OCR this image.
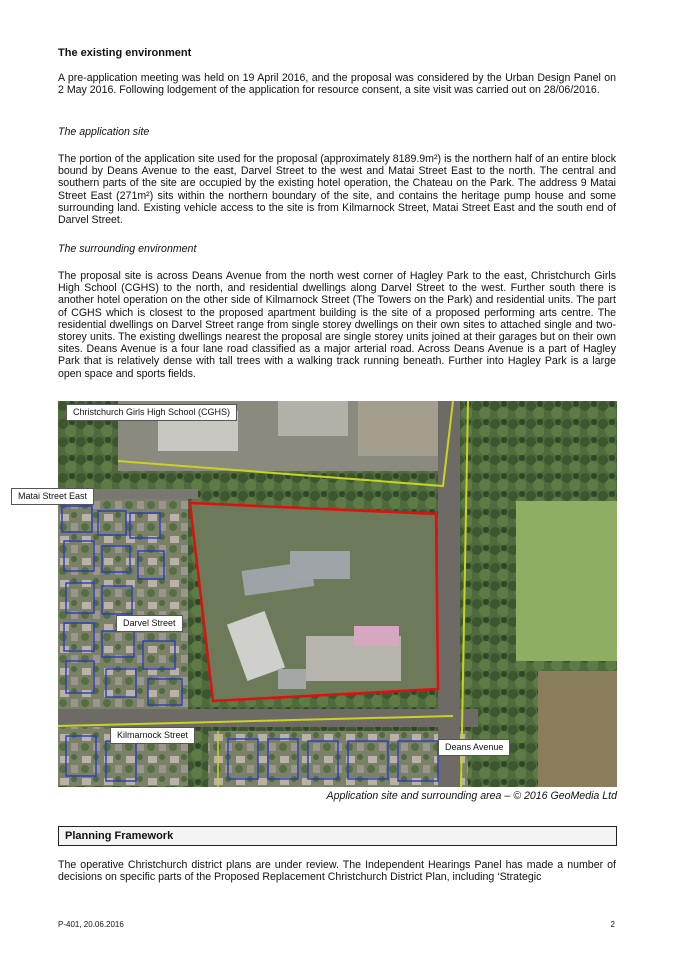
The existing environment

A pre-application meeting was held on 19 April 2016, and the proposal was considered by the Urban Design Panel on 2 May 2016. Following lodgement of the application for resource consent, a site visit was carried out on 28/06/2016.

The application site

The portion of the application site used for the proposal (approximately 8189.9m²) is the northern half of an entire block bound by Deans Avenue to the east, Darvel Street to the west and Matai Street East to the north. The central and southern parts of the site are occupied by the existing hotel operation, the Chateau on the Park. The address 9 Matai Street East (271m²) sits within the northern boundary of the site, and contains the heritage pump house and some surrounding land. Existing vehicle access to the site is from Kilmarnock Street, Matai Street East and the south end of Darvel Street.

The surrounding environment

The proposal site is across Deans Avenue from the north west corner of Hagley Park to the east, Christchurch Girls High School (CGHS) to the north, and residential dwellings along Darvel Street to the west. Further south there is another hotel operation on the other side of Kilmarnock Street (The Towers on the Park) and residential units. The part of CGHS which is closest to the proposed apartment building is the site of a proposed performing arts centre. The residential dwellings on Darvel Street range from single storey dwellings on their own sites to attached single and two-storey units. The existing dwellings nearest the proposal are single storey units joined at their garages but on their own sites. Deans Avenue is a four lane road classified as a major arterial road. Across Deans Avenue is a part of Hagley Park that is relatively dense with tall trees with a walking track running beneath. Further into Hagley Park is a large open space and sports fields.

Christchurch Girls High School (CGHS)
Darvel Street
Kilmarnock Street
Deans Avenue
Matai Street East

Application site and surrounding area – © 2016 GeoMedia Ltd

Planning Framework

The operative Christchurch district plans are under review. The Independent Hearings Panel has made a number of decisions on specific parts of the Proposed Replacement Christchurch District Plan, including ‘Strategic

P-401, 20.06.2016	2
